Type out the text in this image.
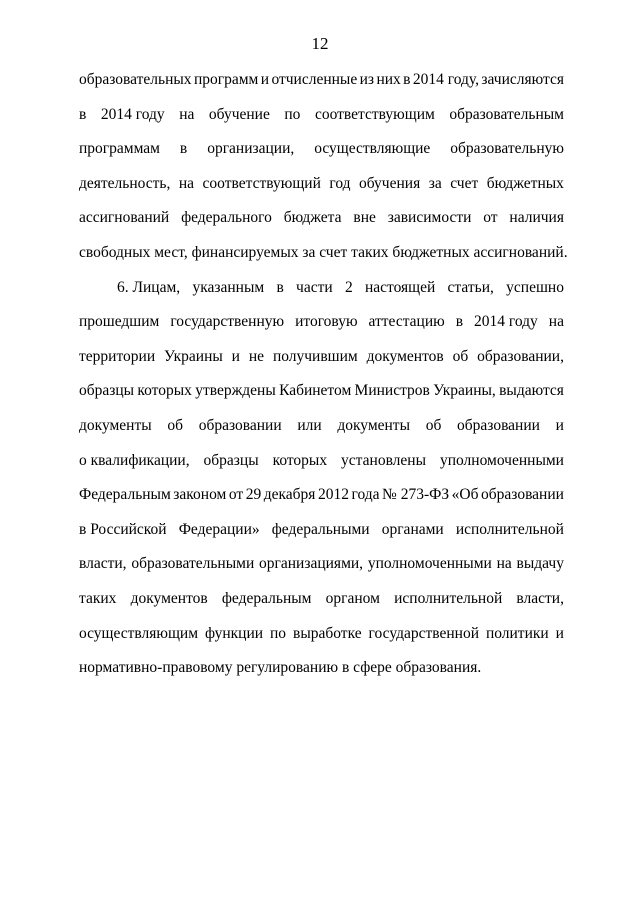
12
образовательных программ и отчисленные из них в 2014 году, зачисляются
в 2014 году на обучение по соответствующим образовательным
программам в организации, осуществляющие образовательную
деятельность, на соответствующий год обучения за счет бюджетных
ассигнований федерального бюджета вне зависимости от наличия
свободных мест, финансируемых за счет таких бюджетных ассигнований.
6. Лицам, указанным в части 2 настоящей статьи, успешно
прошедшим государственную итоговую аттестацию в 2014 году на
территории Украины и не получившим документов об образовании,
образцы которых утверждены Кабинетом Министров Украины, выдаются
документы об образовании или документы об образовании и
о квалификации, образцы которых установлены уполномоченными
Федеральным законом от 29 декабря 2012 года № 273-ФЗ «Об образовании
в Российской Федерации» федеральными органами исполнительной
власти, образовательными организациями, уполномоченными на выдачу
таких документов федеральным органом исполнительной власти,
осуществляющим функции по выработке государственной политики и
нормативно-правовому регулированию в сфере образования.
